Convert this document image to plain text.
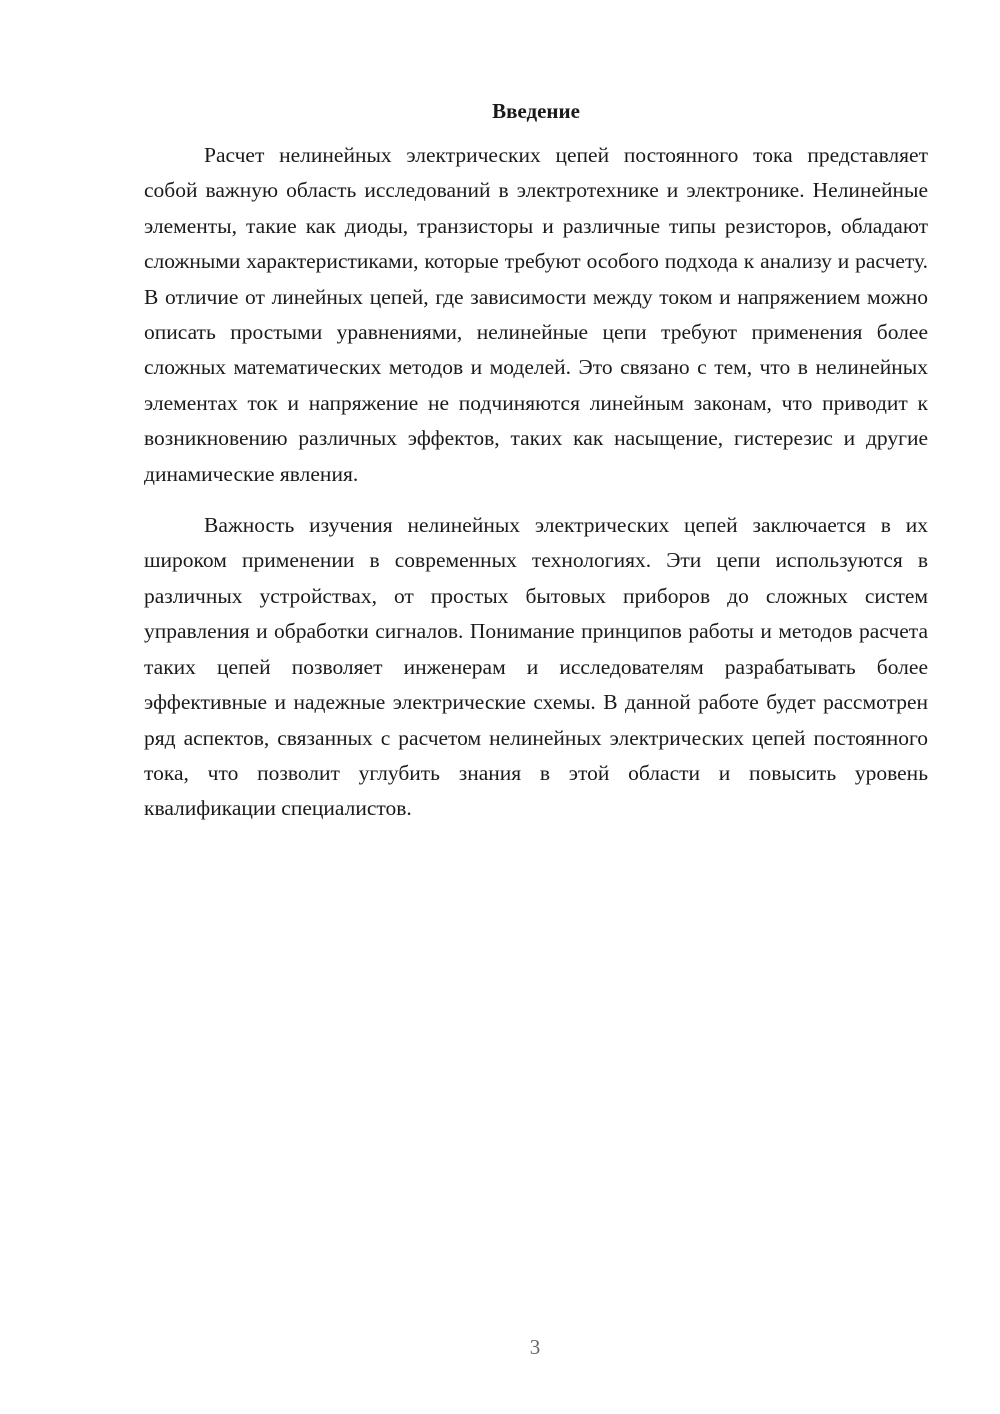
Введение

Расчет нелинейных электрических цепей постоянного тока представляет собой важную область исследований в электротехнике и электронике. Нелинейные элементы, такие как диоды, транзисторы и различные типы резисторов, обладают сложными характеристиками, которые требуют особого подхода к анализу и расчету. В отличие от линейных цепей, где зависимости между током и напряжением можно описать простыми уравнениями, нелинейные цепи требуют применения более сложных математических методов и моделей. Это связано с тем, что в нелинейных элементах ток и напряжение не подчиняются линейным законам, что приводит к возникновению различных эффектов, таких как насыщение, гистерезис и другие динамические явления.

Важность изучения нелинейных электрических цепей заключается в их широком применении в современных технологиях. Эти цепи используются в различных устройствах, от простых бытовых приборов до сложных систем управления и обработки сигналов. Понимание принципов работы и методов расчета таких цепей позволяет инженерам и исследователям разрабатывать более эффективные и надежные электрические схемы. В данной работе будет рассмотрен ряд аспектов, связанных с расчетом нелинейных электрических цепей постоянного тока, что позволит углубить знания в этой области и повысить уровень квалификации специалистов.

3
